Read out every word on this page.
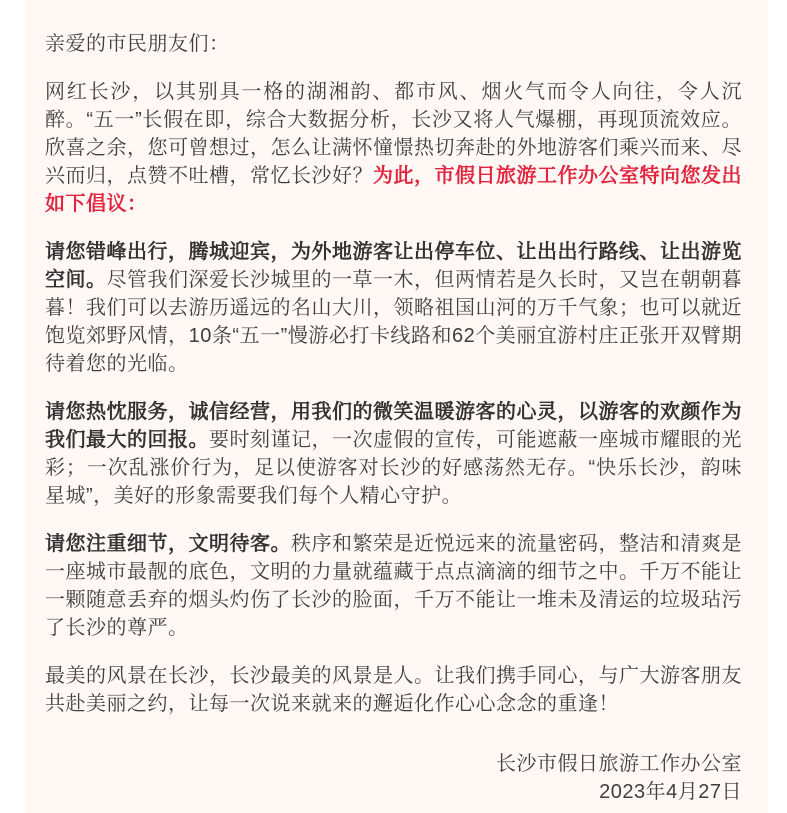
亲爱的市民朋友们：

网红长沙，以其别具一格的湖湘韵、都市风、烟火气而令人向往，令人沉醉。“五一”长假在即，综合大数据分析，长沙又将人气爆棚，再现顶流效应。欣喜之余，您可曾想过，怎么让满怀憧憬热切奔赴的外地游客们乘兴而来、尽兴而归，点赞不吐槽，常忆长沙好？为此，市假日旅游工作办公室特向您发出如下倡议：

请您错峰出行，腾城迎宾，为外地游客让出停车位、让出出行路线、让出游览空间。尽管我们深爱长沙城里的一草一木，但两情若是久长时，又岂在朝朝暮暮！我们可以去游历遥远的名山大川，领略祖国山河的万千气象；也可以就近饱览郊野风情，10条“五一”慢游必打卡线路和62个美丽宜游村庄正张开双臂期待着您的光临。

请您热忱服务，诚信经营，用我们的微笑温暖游客的心灵，以游客的欢颜作为我们最大的回报。要时刻谨记，一次虚假的宣传，可能遮蔽一座城市耀眼的光彩；一次乱涨价行为，足以使游客对长沙的好感荡然无存。“快乐长沙，韵味星城”，美好的形象需要我们每个人精心守护。

请您注重细节，文明待客。秩序和繁荣是近悦远来的流量密码，整洁和清爽是一座城市最靓的底色，文明的力量就蕴藏于点点滴滴的细节之中。千万不能让一颗随意丢弃的烟头灼伤了长沙的脸面，千万不能让一堆未及清运的垃圾玷污了长沙的尊严。

最美的风景在长沙，长沙最美的风景是人。让我们携手同心，与广大游客朋友共赴美丽之约，让每一次说来就来的邂逅化作心心念念的重逢！

长沙市假日旅游工作办公室

2023年4月27日
